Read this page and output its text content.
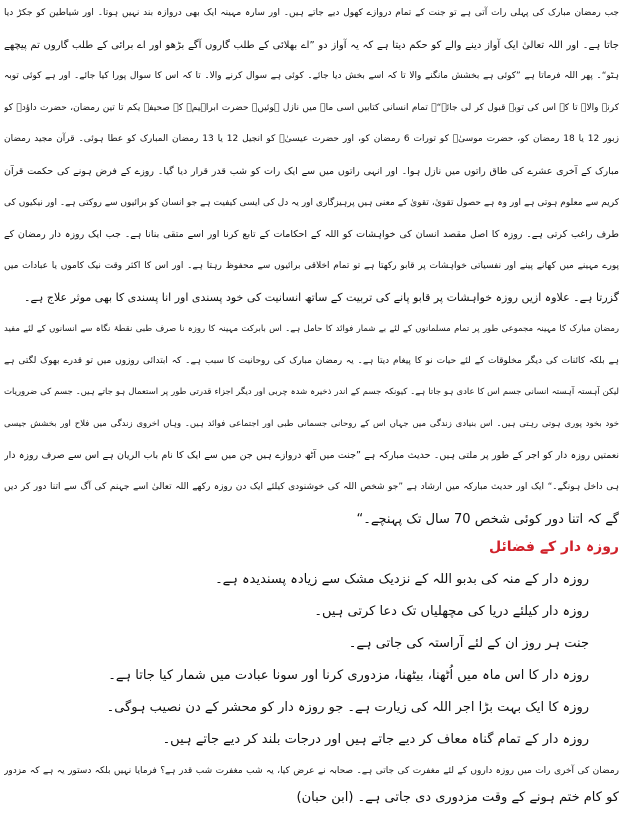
جب رمضان مبارک کی پہلی رات آتی ہے تو جنت کے تمام دروازے کھول دیے جاتے ہیں۔ اور سارہ مہینہ ایک بھی دروازہ بند نہیں ہوتا۔ اور شیاطین کو جکڑ دیا
جاتا ہے۔ اور اللہ تعالیٰ ایک آواز دینے والے کو حکم دیتا ہے کہ یہ آواز دو ”اے بھلائی کے طلب گاروں آگے بڑھو اور اے برائی کے طلب گاروں تم پیچھے
ہٹو“۔ پھر اللہ فرماتا ہے ”کوئی ہے بخشش مانگنے والا تا کہ اسے بخش دیا جائے۔ کوئی ہے سوال کرنے والا۔ تا کہ اس کا سوال پورا کیا جائے۔ اور ہے کوئی توبہ
کرنے والا۔ تا کہ اس کی توبہ قبول کر لی جائے“۔ تمام انسانی کتابیں اسی ماہ میں نازل ہوئیں۔ حضرت ابراہیمؑ کے صحیفے یکم تا تین رمضان، حضرت داؤدؑ کو
زبور 12 یا 18 رمضان کو، حضرت موسیٰؑ کو تورات 6 رمضان کو، اور حضرت عیسیٰؑ کو انجیل 12 یا 13 رمضان المبارک کو عطا ہوئی۔ قرآن مجید رمضان
مبارک کے آخری عشرے کی طاق راتوں میں نازل ہوا۔ اور انہی راتوں میں سے ایک رات کو شب قدر قرار دیا گیا۔ روزے کے فرض ہونے کی حکمت قرآن
کریم سے معلوم ہوتی ہے اور وہ ہے حصول تقویٰ، تقویٰ کے معنی ہیں پرہیزگاری اور یہ دل کی ایسی کیفیت ہے جو انسان کو برائیوں سے روکتی ہے۔ اور نیکیوں کی
طرف راغب کرتی ہے۔ روزہ کا اصل مقصد انسان کی خواہشات کو اللہ کے احکامات کے تابع کرنا اور اسے متقی بنانا ہے۔ جب ایک روزہ دار رمضان کے
پورے مہینے میں کھانے پینے اور نفسیاتی خواہشات پر قابو رکھتا ہے تو تمام اخلاقی برائیوں سے محفوظ رہتا ہے۔ اور اس کا اکثر وقت نیک کاموں یا عبادات میں
گزرتا ہے۔ علاوہ ازیں روزہ خواہشات پر قابو پانے کی تربیت کے ساتھ انسانیت کی خود پسندی اور انا پسندی کا بھی موثر علاج ہے۔
رمضان مبارک کا مہینہ مجموعی طور پر تمام مسلمانوں کے لئے بے شمار فوائد کا حامل ہے۔ اس بابرکت مہینہ کا روزہ نا صرف طبی نقطۂ نگاہ سے انسانوں کے لئے مفید
ہے بلکہ کائنات کی دیگر مخلوقات کے لئے حیات نو کا پیغام دیتا ہے۔ یہ رمضان مبارک کی روحانیت کا سبب ہے۔ کہ ابتدائی روزوں میں تو قدرے بھوک لگتی ہے
لیکن آہستہ آہستہ انسانی جسم اس کا عادی ہو جاتا ہے۔ کیونکہ جسم کے اندر ذخیرہ شدہ چربی اور دیگر اجزاء قدرتی طور پر استعمال ہو جاتے ہیں۔ جسم کی ضروریات
خود بخود پوری ہوتی رہتی ہیں۔ اس بنیادی زندگی میں جہاں اس کے روحانی جسمانی طبی اور اجتماعی فوائد ہیں۔ وہاں اخروی زندگی میں فلاح اور بخشش جیسی
نعمتیں روزہ دار کو اجر کے طور پر ملتی ہیں۔ حدیث مبارکہ ہے ”جنت میں آٹھ دروازے ہیں جن میں سے ایک کا نام باب الریان ہے اس سے صرف روزہ دار
ہی داخل ہونگے۔“ ایک اور حدیث مبارکہ میں ارشاد ہے ”جو شخص اللہ کی خوشنودی کیلئے ایک دن روزہ رکھے اللہ تعالیٰ اسے جہنم کی آگ سے اتنا دور کر دیں
گے کہ اتنا دور کوئی شخص 70 سال تک پہنچے۔“
روزہ دار کے فضائل
روزہ دار کے منہ کی بدبو اللہ کے نزدیک مشک سے زیادہ پسندیدہ ہے۔
روزہ دار کیلئے دریا کی مچھلیاں تک دعا کرتی ہیں۔
جنت ہر روز ان کے لئے آراستہ کی جاتی ہے۔
روزہ دار کا اس ماہ میں اُٹھنا، بیٹھنا، مزدوری کرنا اور سونا عبادت میں شمار کیا جاتا ہے۔
روزہ کا ایک بہت بڑا اجر اللہ کی زیارت ہے۔ جو روزہ دار کو محشر کے دن نصیب ہوگی۔
روزہ دار کے تمام گناہ معاف کر دیے جاتے ہیں اور درجات بلند کر دیے جاتے ہیں۔
رمضان کی آخری رات میں روزہ داروں کے لئے مغفرت کی جاتی ہے۔ صحابہ نے عرض کیا، یہ شب مغفرت شب قدر ہے؟ فرمایا نہیں بلکہ دستور یہ ہے کہ مزدور
کو کام ختم ہونے کے وقت مزدوری دی جاتی ہے۔ (ابن حبان)
